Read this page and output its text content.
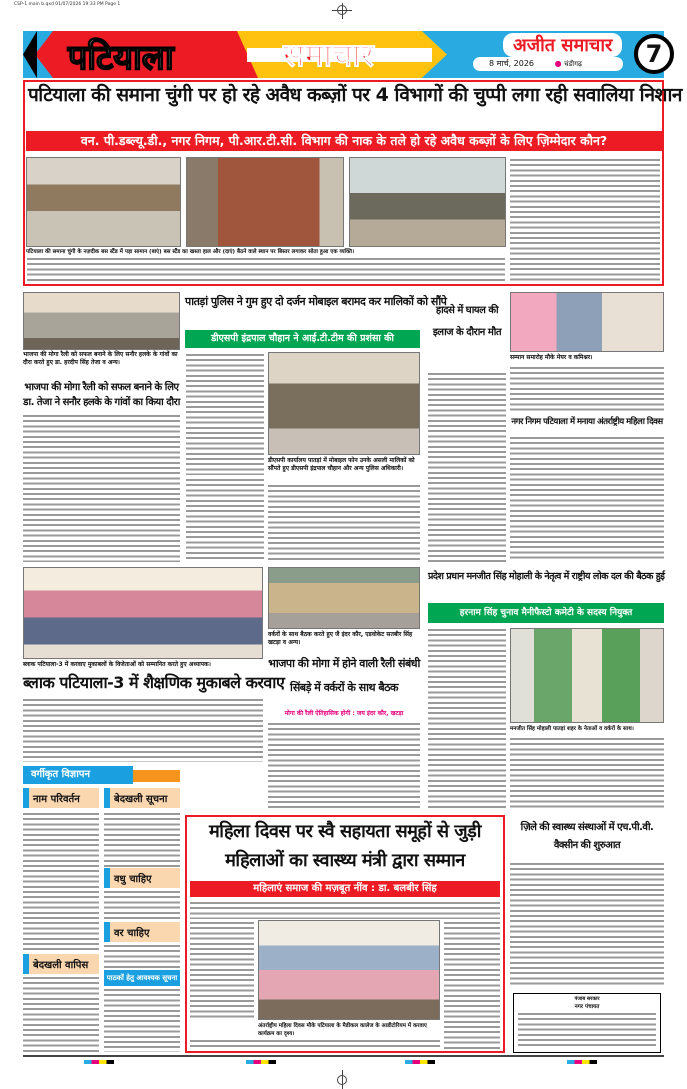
CSP-1 main b.qxd 01/07/2026 19:33 PM Page 1
पटियाला	समाचार	अजीत समाचार
8 मार्च, 2026	● चंडीगढ़	7
पटियाला की समाना चुंगी पर हो रहे अवैध कब्ज़ों पर 4 विभागों की चुप्पी लगा रही सवालिया निशान
वन. पी.डब्ल्यू.डी., नगर निगम, पी.आर.टी.सी. विभाग की नाक के तले हो रहे अवैध कब्ज़ों के लिए ज़िम्मेदार कौन?
पटियाला की समाना चुंगी के नज़दीक बस स्टैंड में पड़ा सामान (बाएं) बस स्टैंड का खस्ता हाल और (दाएं) बैठने वाले स्थान पर बिस्तर लगाकर सोता हुआ एक व्यक्ति।
भाजपा की मोगा रैली को सफल बनाने के लिए सनौर हलके के गांवों का दौरा करते हुए डा. हरदीप सिंह तेजा व अन्य।
भाजपा की मोगा रैली को सफल बनाने के लिए
डा. तेजा ने सनौर हलके के गांवों का किया दौरा
पातड़ां पुलिस ने गुम हुए दो दर्जन मोबाइल बरामद कर मालिकों को सौंपे
डीएसपी इंद्रपाल चौहान ने आई.टी.टीम की प्रशंसा की
डीएसपी कार्यालय पातड़ां में मोबाइल फोन उनके असली मालिकों को सौंपते हुए डीएसपी इंद्रपाल चौहान और अन्य पुलिस अधिकारी।
हादसे में घायल की इलाज के दौरान मौत
सम्मान समारोह मौके मेयर व कमिश्नर।
नगर निगम पटियाला में मनाया अंतर्राष्ट्रीय महिला दिवस
ब्लाक पटियाला-3 में करवाए मुकाबलों के विजेताओं को सम्मानित करते हुए अध्यापक।
ब्लाक पटियाला-3 में शैक्षणिक मुकाबले करवाए
वर्करों के साथ बैठक करते हुए जै इंदर कौर, एडवोकेट सतबीर सिंह खटड़ा व अन्य।
भाजपा की मोगा में होने वाली रैली संबंधी सिंबड़े में वर्करों के साथ बैठक
मोगा की रैली ऐतिहासिक होगी : जय इंदर कौर, खटड़ा
प्रदेश प्रधान मनजीत सिंह मोहाली के नेतृत्व में राष्ट्रीय लोक दल की बैठक हुई
हरनाम सिंह चुनाव मैनीफैस्टो कमेटी के सदस्य नियुक्त
मनजीत सिंह मोहाली पातड़ां शहर के नेताओं व वर्करों के साथ।
वर्गीकृत विज्ञापन
नाम परिवर्तन	बेदखली सूचना
वधु चाहिए
वर चाहिए
बेदखली वापिस
पाठकों हेतु आवश्यक सूचना
महिला दिवस पर स्वै सहायता समूहों से जुड़ी
महिलाओं का स्वास्थ्य मंत्री द्वारा सम्मान
महिलाएं समाज की मज़बूत नींव : डा. बलबीर सिंह
अंतर्राष्ट्रीय महिला दिवस मौके पटियाला के मैडीकल कालेज के आडीटोरियम में करवाए कार्यक्रम का दृश्य।
ज़िले की स्वास्थ्य संस्थाओं में एच.पी.वी.
वैक्सीन की शुरुआत
पंजाब सरकार
नगर पंचायत
